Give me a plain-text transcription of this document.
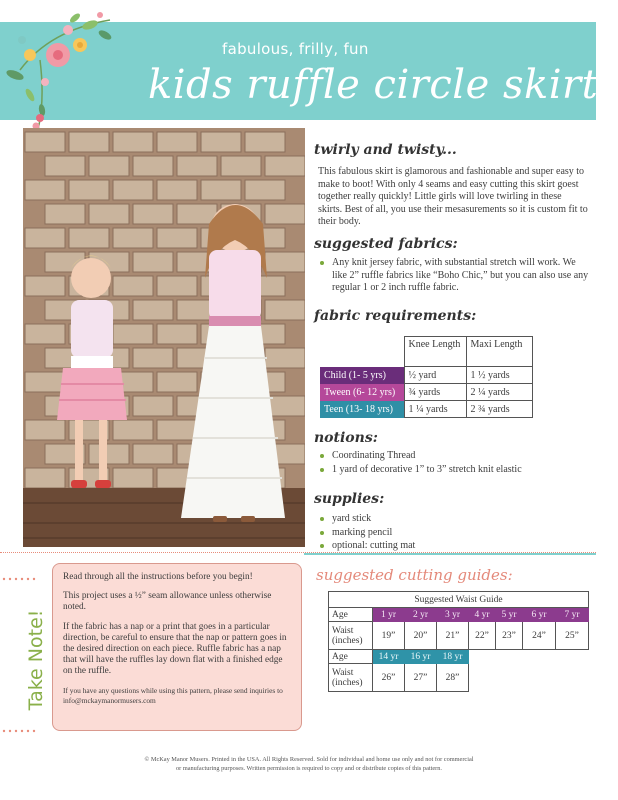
fabulous, frilly, fun
kids ruffle circle skirt
twirly and twisty...
This fabulous skirt is glamorous and fashionable and super easy to make to boot! With only 4 seams and easy cutting this skirt goest together really quickly! Little girls will love twirling in these skirts. Best of all, you use their mesasurements so it is custom fit to their body.
suggested fabrics:
Any knit jersey fabric, with substantial stretch will work. We like 2” ruffle fabrics like “Boho Chic,” but you can also use any regular 1 or 2 inch ruffle fabric.
fabric requirements:
	Knee Length	Maxi Length
Child (1- 5 yrs)	½ yard	1 ½ yards
Tween (6- 12 yrs)	¾ yards	2 ¼ yards
Teen (13- 18 yrs)	1 ¼ yards	2 ¾ yards
notions:
Coordinating Thread
1 yard of decorative 1” to 3” stretch knit elastic
supplies:
yard stick
marking pencil
optional: cutting mat
Take Note!

Read through all the instructions before you begin!

This project uses a ½” seam allowance unless otherwise noted.

If the fabric has a nap or a print that goes in a particular direction, be careful to ensure that the nap or pattern goes in the desired direction on each piece. Ruffle fabric has a nap that will have the ruffles lay down flat with a finished edge on the ruffle.

If you have any questions while using this pattern, please send inquiries to info@mckaymanormusers.com

suggested cutting guides:
Suggested Waist Guide							
Age	1 yr	2 yr	3 yr	4 yr	5 yr	6 yr	7 yr
Waist (inches)	19”	20”	21”	22”	23”	24”	25”
Age	14 yr	16 yr	18 yr				
Waist (inches)	26”	27”	28”				
© McKay Manor Musers. Printed in the USA. All Rights Reserved. Sold for individual and home use only and not for commercial
or manufacturing purposes. Written permission is required to copy and or distribute copies of this pattern.
